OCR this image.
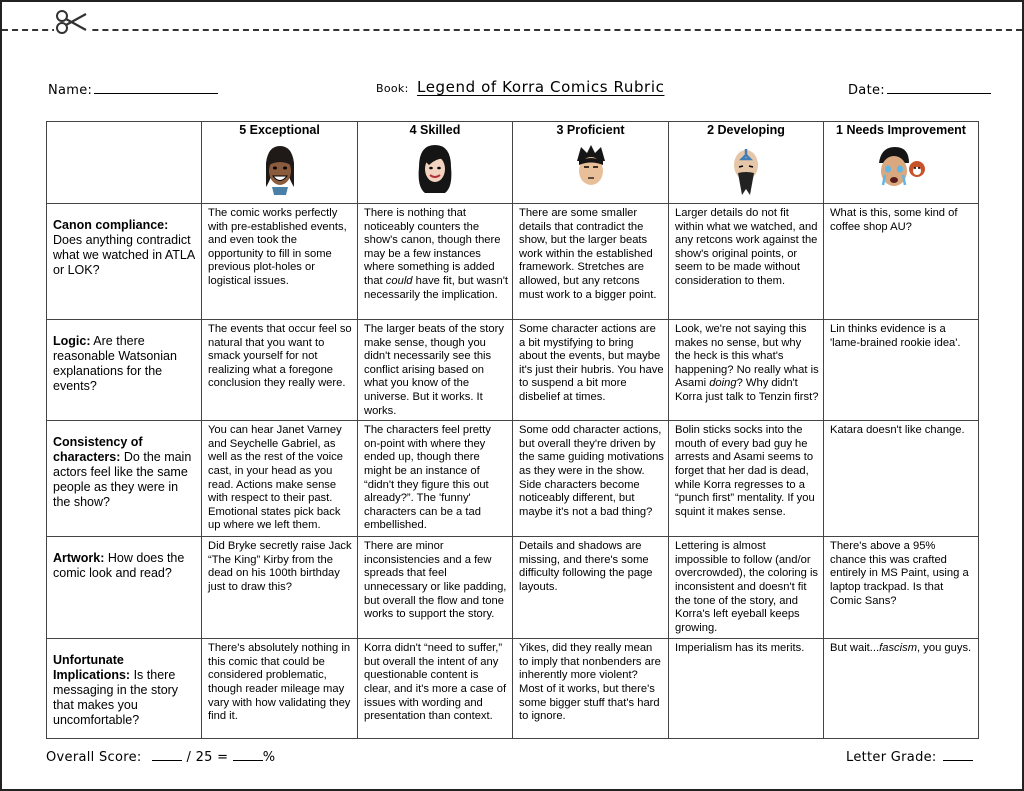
Name:	Book: Legend of Korra Comics Rubric	Date:

	5 Exceptional	4 Skilled	3 Proficient	2 Developing	1 Needs Improvement

Canon compliance: Does anything contradict what we watched in ATLA or LOK?	The comic works perfectly with pre-established events, and even took the opportunity to fill in some previous plot-holes or logistical issues.	There is nothing that noticeably counters the show's canon, though there may be a few instances where something is added that could have fit, but wasn't necessarily the implication.	There are some smaller details that contradict the show, but the larger beats work within the established framework. Stretches are allowed, but any retcons must work to a bigger point.	Larger details do not fit within what we watched, and any retcons work against the show's original points, or seem to be made without consideration to them.	What is this, some kind of coffee shop AU?
Logic: Are there reasonable Watsonian explanations for the events?	The events that occur feel so natural that you want to smack yourself for not realizing what a foregone conclusion they really were.	The larger beats of the story make sense, though you didn't necessarily see this conflict arising based on what you know of the universe. But it works. It works.	Some character actions are a bit mystifying to bring about the events, but maybe it's just their hubris. You have to suspend a bit more disbelief at times.	Look, we're not saying this makes no sense, but why the heck is this what's happening? No really what is Asami doing? Why didn't Korra just talk to Tenzin first?	Lin thinks evidence is a 'lame-brained rookie idea'.
Consistency of characters: Do the main actors feel like the same people as they were in the show?	You can hear Janet Varney and Seychelle Gabriel, as well as the rest of the voice cast, in your head as you read. Actions make sense with respect to their past. Emotional states pick back up where we left them.	The characters feel pretty on-point with where they ended up, though there might be an instance of “didn't they figure this out already?”. The 'funny' characters can be a tad embellished.	Some odd character actions, but overall they're driven by the same guiding motivations as they were in the show. Side characters become noticeably different, but maybe it's not a bad thing?	Bolin sticks socks into the mouth of every bad guy he arrests and Asami seems to forget that her dad is dead, while Korra regresses to a “punch first” mentality. If you squint it makes sense.	Katara doesn't like change.
Artwork: How does the comic look and read?	Did Bryke secretly raise Jack “The King” Kirby from the dead on his 100th birthday just to draw this?	There are minor inconsistencies and a few spreads that feel unnecessary or like padding, but overall the flow and tone works to support the story.	Details and shadows are missing, and there's some difficulty following the page layouts.	Lettering is almost impossible to follow (and/or overcrowded), the coloring is inconsistent and doesn't fit the tone of the story, and Korra's left eyeball keeps growing.	There's above a 95% chance this was crafted entirely in MS Paint, using a laptop trackpad. Is that Comic Sans?
Unfortunate Implications: Is there messaging in the story that makes you uncomfortable?	There's absolutely nothing in this comic that could be considered problematic, though reader mileage may vary with how validating they find it.	Korra didn't “need to suffer,” but overall the intent of any questionable content is clear, and it's more a case of issues with wording and presentation than context.	Yikes, did they really mean to imply that nonbenders are inherently more violent? Most of it works, but there's some bigger stuff that's hard to ignore.	Imperialism has its merits.	But wait...fascism, you guys.
Overall Score:	/ 25 =	%	Letter Grade:
